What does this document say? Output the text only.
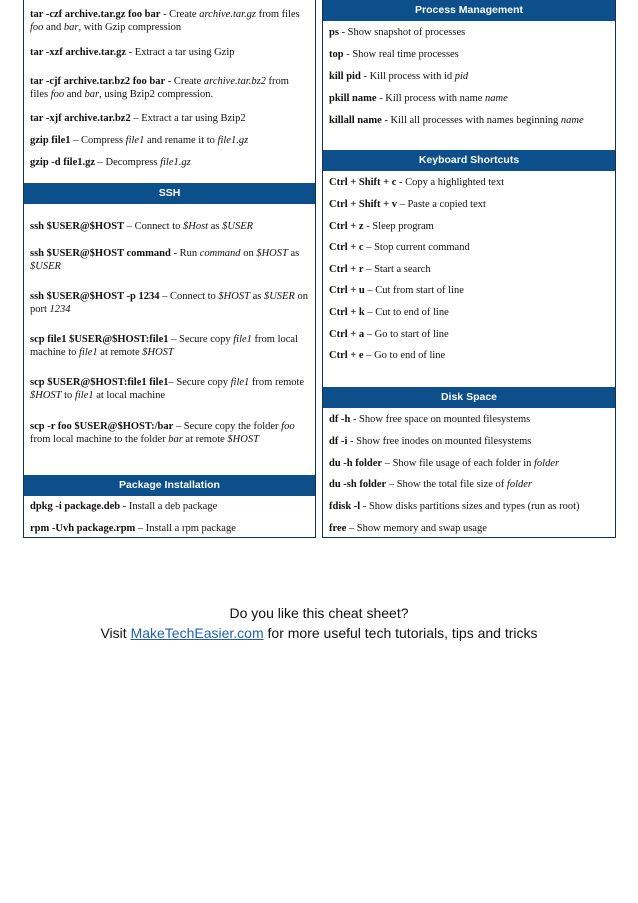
tar -czf archive.tar.gz foo bar - Create archive.tar.gz from files foo and bar, with Gzip compression
tar -xzf archive.tar.gz - Extract a tar using Gzip
tar -cjf archive.tar.bz2 foo bar - Create archive.tar.bz2 from files foo and bar, using Bzip2 compression.
tar -xjf archive.tar.bz2 – Extract a tar using Bzip2
gzip file1 – Compress file1 and rename it to file1.gz
gzip -d file1.gz – Decompress file1.gz
SSH
ssh $USER@$HOST – Connect to $Host as $USER
ssh $USER@$HOST command - Run command on $HOST as $USER
ssh $USER@$HOST -p 1234 – Connect to $HOST as $USER on port 1234
scp file1 $USER@$HOST:file1 – Secure copy file1 from local machine to file1 at remote $HOST
scp $USER@$HOST:file1 file1– Secure copy file1 from remote $HOST to file1 at local machine
scp -r foo $USER@$HOST:/bar – Secure copy the folder foo from local machine to the folder bar at remote $HOST
Package Installation
dpkg -i package.deb - Install a deb package
rpm -Uvh package.rpm – Install a rpm package
Process Management
ps - Show snapshot of processes
top - Show real time processes
kill pid - Kill process with id pid
pkill name - Kill process with name name
killall name - Kill all processes with names beginning name
Keyboard Shortcuts
Ctrl + Shift + c - Copy a highlighted text
Ctrl + Shift + v – Paste a copied text
Ctrl + z - Sleep program
Ctrl + c – Stop current command
Ctrl + r – Start a search
Ctrl + u – Cut from start of line
Ctrl + k – Cut to end of line
Ctrl + a – Go to start of line
Ctrl + e – Go to end of line
Disk Space
df -h - Show free space on mounted filesystems
df -i - Show free inodes on mounted filesystems
du -h folder – Show file usage of each folder in folder
du -sh folder – Show the total file size of folder
fdisk -l - Show disks partitions sizes and types (run as root)
free – Show memory and swap usage
Do you like this cheat sheet?
Visit MakeTechEasier.com for more useful tech tutorials, tips and tricks
